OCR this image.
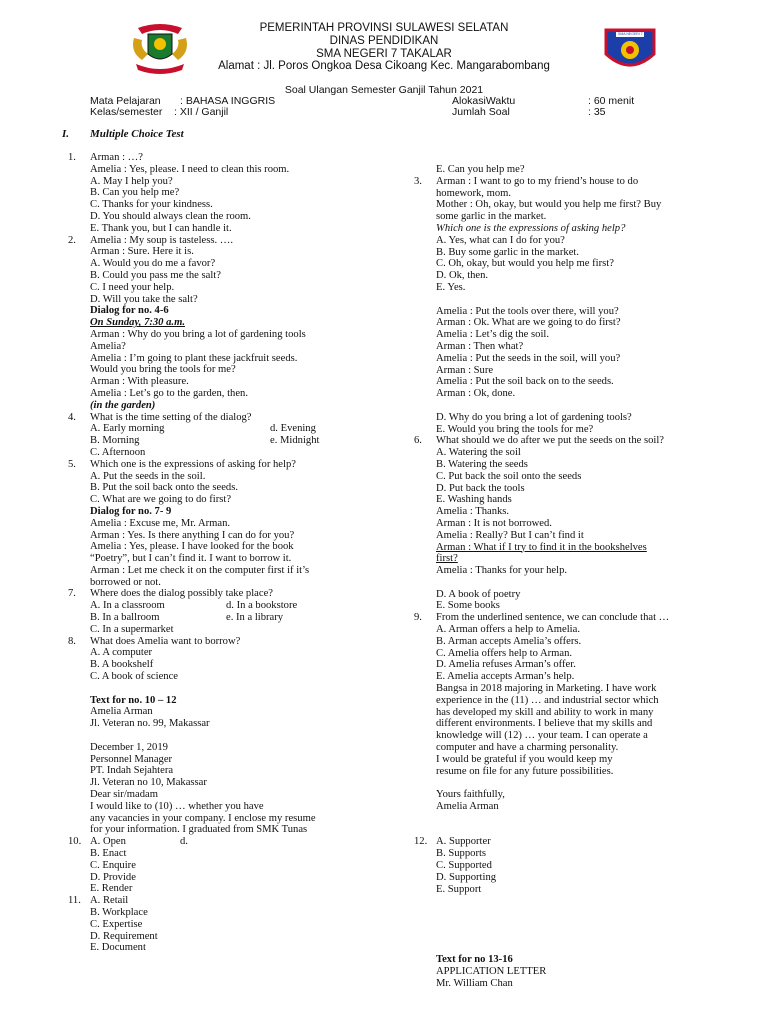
SMA NEGERI 7
PEMERINTAH PROVINSI SULAWESI SELATAN
DINAS PENDIDIKAN
SMA NEGERI 7 TAKALAR
Alamat : Jl. Poros Ongkoa Desa Cikoang Kec. Mangarabombang
Soal Ulangan Semester Ganjil Tahun 2021
Mata Pelajaran : BAHASA INGGRIS
Kelas/semester : XII / Ganjil
AlokasiWaktu	: 60 menit
Jumlah Soal	: 35
I. Multiple Choice Test
1. Arman : …?
Amelia : Yes, please. I need to clean this room.
A. May I help you?
B. Can you help me?
C. Thanks for your kindness.
D. You should always clean the room.
E. Thank you, but I can handle it.
2. Amelia : My soup is tasteless. ….
Arman : Sure. Here it is.
A. Would you do me a favor?
B. Could you pass me the salt?
C. I need your help.
D. Will you take the salt?
Dialog for no. 4-6
On Sunday, 7:30 a.m.
Arman : Why do you bring a lot of gardening tools
Amelia?
Amelia : I’m going to plant these jackfruit seeds.
Would you bring the tools for me?
Arman : With pleasure.
Amelia : Let’s go to the garden, then.
(in the garden)
4. What is the time setting of the dialog?
A. Early morning	d. Evening
B. Morning	e. Midnight
C. Afternoon
5. Which one is the expressions of asking for help?
A. Put the seeds in the soil.
B. Put the soil back onto the seeds.
C. What are we going to do first?
Dialog for no. 7- 9
Amelia : Excuse me, Mr. Arman.
Arman : Yes. Is there anything I can do for you?
Amelia : Yes, please. I have looked for the book
“Poetry”, but I can’t find it. I want to borrow it.
Arman : Let me check it on the computer first if it’s
borrowed or not.
7. Where does the dialog possibly take place?
A. In a classroom	d. In a bookstore
B. In a ballroom	e. In a library
C. In a supermarket
8. What does Amelia want to borrow?
A. A computer
B. A bookshelf
C. A book of science
Text for no. 10 – 12
Amelia Arman
Jl. Veteran no. 99, Makassar
December 1, 2019
Personnel Manager
PT. Indah Sejahtera
Jl. Veteran no 10, Makassar
Dear sir/madam
I would like to (10) … whether you have
any vacancies in your company. I enclose my resume
for your information. I graduated from SMK Tunas
10. A. Open	d.
B. Enact
C. Enquire
D. Provide
E. Render
11. A. Retail
B. Workplace
C. Expertise
D. Requirement
E. Document
E. Can you help me?
3. Arman : I want to go to my friend’s house to do
homework, mom.
Mother : Oh, okay, but would you help me first? Buy
some garlic in the market.
Which one is the expressions of asking help?
A. Yes, what can I do for you?
B. Buy some garlic in the market.
C. Oh, okay, but would you help me first?
D. Ok, then.
E. Yes.
Amelia : Put the tools over there, will you?
Arman : Ok. What are we going to do first?
Amelia : Let’s dig the soil.
Arman : Then what?
Amelia : Put the seeds in the soil, will you?
Arman : Sure
Amelia : Put the soil back on to the seeds.
Arman : Ok, done.
D. Why do you bring a lot of gardening tools?
E. Would you bring the tools for me?
6. What should we do after we put the seeds on the soil?
A. Watering the soil
B. Watering the seeds
C. Put back the soil onto the seeds
D. Put back the tools
E. Washing hands
Amelia : Thanks.
Arman : It is not borrowed.
Amelia : Really? But I can’t find it
Arman : What if I try to find it in the bookshelves
first?
Amelia : Thanks for your help.
D. A book of poetry
E. Some books
9. From the underlined sentence, we can conclude that …
A. Arman offers a help to Amelia.
B. Arman accepts Amelia’s offers.
C. Amelia offers help to Arman.
D. Amelia refuses Arman’s offer.
E. Amelia accepts Arman’s help.
Bangsa in 2018 majoring in Marketing. I have work
experience in the (11) … and industrial sector which
has developed my skill and ability to work in many
different environments. I believe that my skills and
knowledge will (12) … your team. I can operate a
computer and have a charming personality.
I would be grateful if you would keep my
resume on file for any future possibilities.
Yours faithfully,
Amelia Arman
12. A. Supporter
B. Supports
C. Supported
D. Supporting
E. Support
Text for no 13-16
APPLICATION LETTER
Mr. William Chan
